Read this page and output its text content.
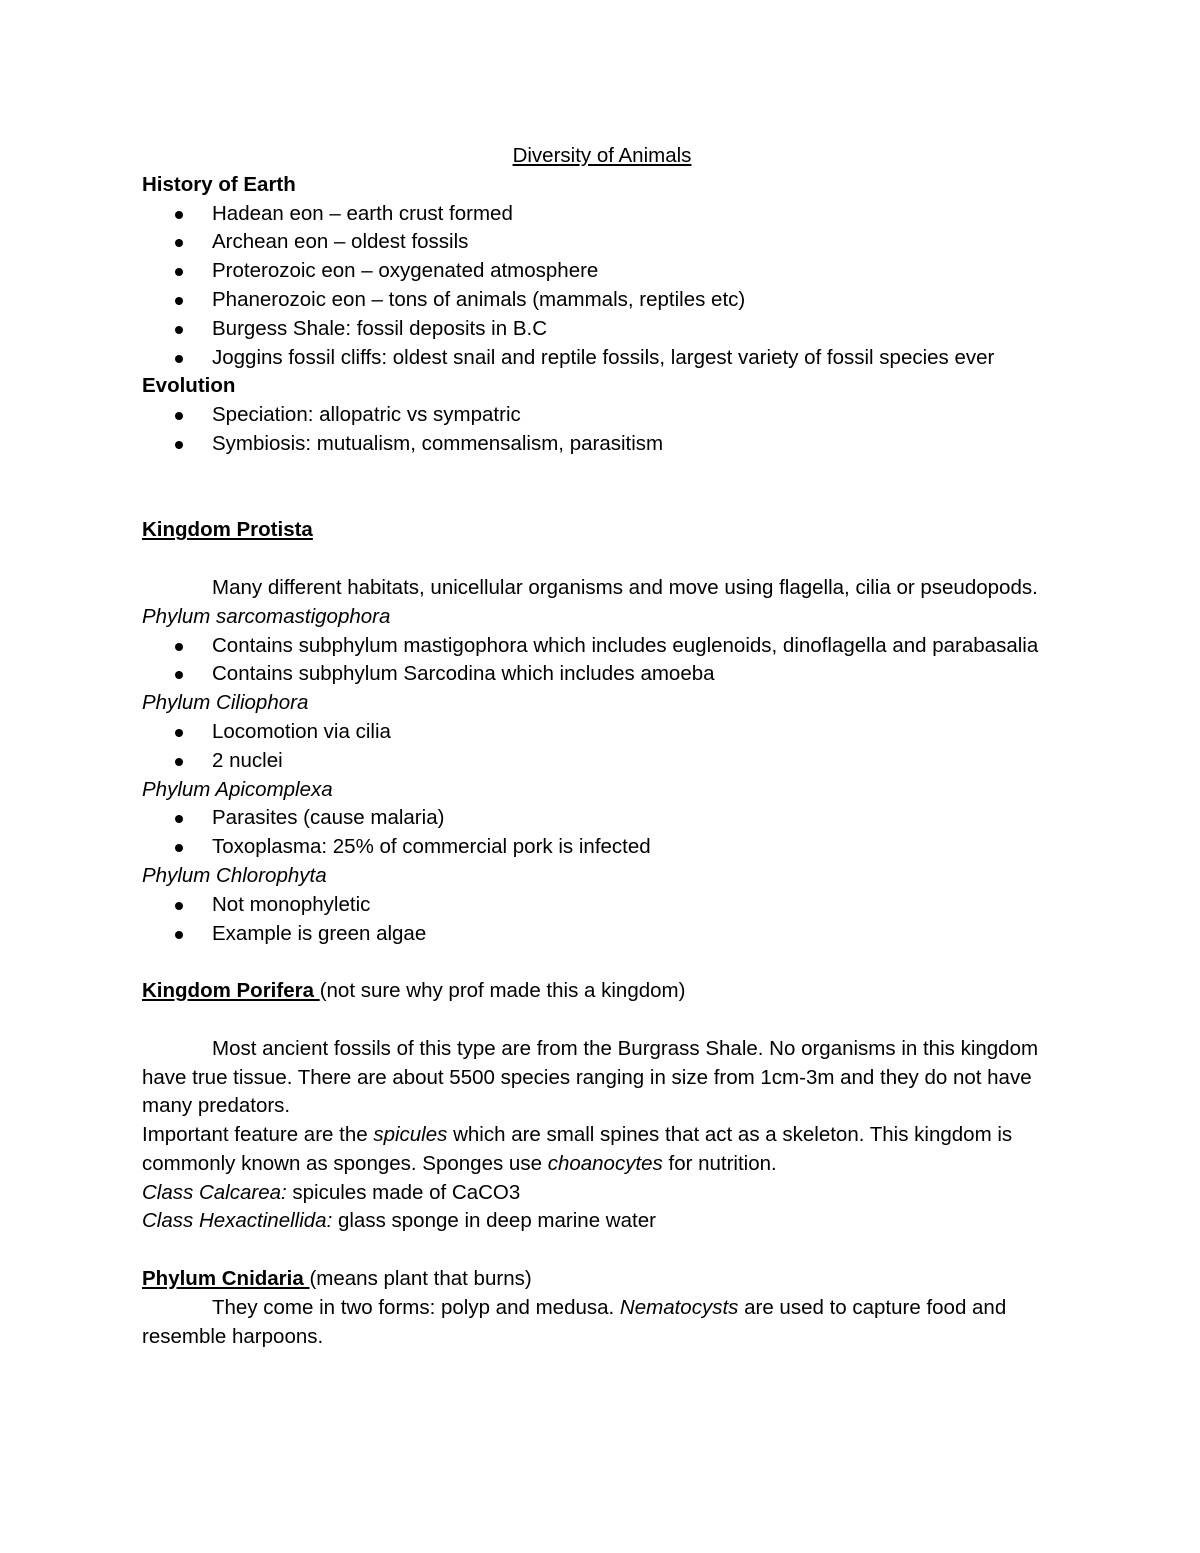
Diversity of Animals
History of Earth
Hadean eon – earth crust formed
Archean eon – oldest fossils
Proterozoic eon – oxygenated atmosphere
Phanerozoic eon – tons of animals (mammals, reptiles etc)
Burgess Shale: fossil deposits in B.C
Joggins fossil cliffs: oldest snail and reptile fossils, largest variety of fossil species ever
Evolution
Speciation: allopatric vs sympatric
Symbiosis: mutualism, commensalism, parasitism
Kingdom Protista

Many different habitats, unicellular organisms and move using flagella, cilia or pseudopods.

Phylum sarcomastigophora
Contains subphylum mastigophora which includes euglenoids, dinoflagella and parabasalia
Contains subphylum Sarcodina which includes amoeba
Phylum Ciliophora
Locomotion via cilia
2 nuclei
Phylum Apicomplexa
Parasites (cause malaria)
Toxoplasma: 25% of commercial pork is infected
Phylum Chlorophyta
Not monophyletic
Example is green algae
Kingdom Porifera (not sure why prof made this a kingdom)

Most ancient fossils of this type are from the Burgrass Shale. No organisms in this kingdom have true tissue. There are about 5500 species ranging in size from 1cm-3m and they do not have many predators.

Important feature are the spicules which are small spines that act as a skeleton. This kingdom is commonly known as sponges. Sponges use choanocytes for nutrition.

Class Calcarea: spicules made of CaCO3

Class Hexactinellida: glass sponge in deep marine water

Phylum Cnidaria (means plant that burns)

They come in two forms: polyp and medusa. Nematocysts are used to capture food and resemble harpoons.
